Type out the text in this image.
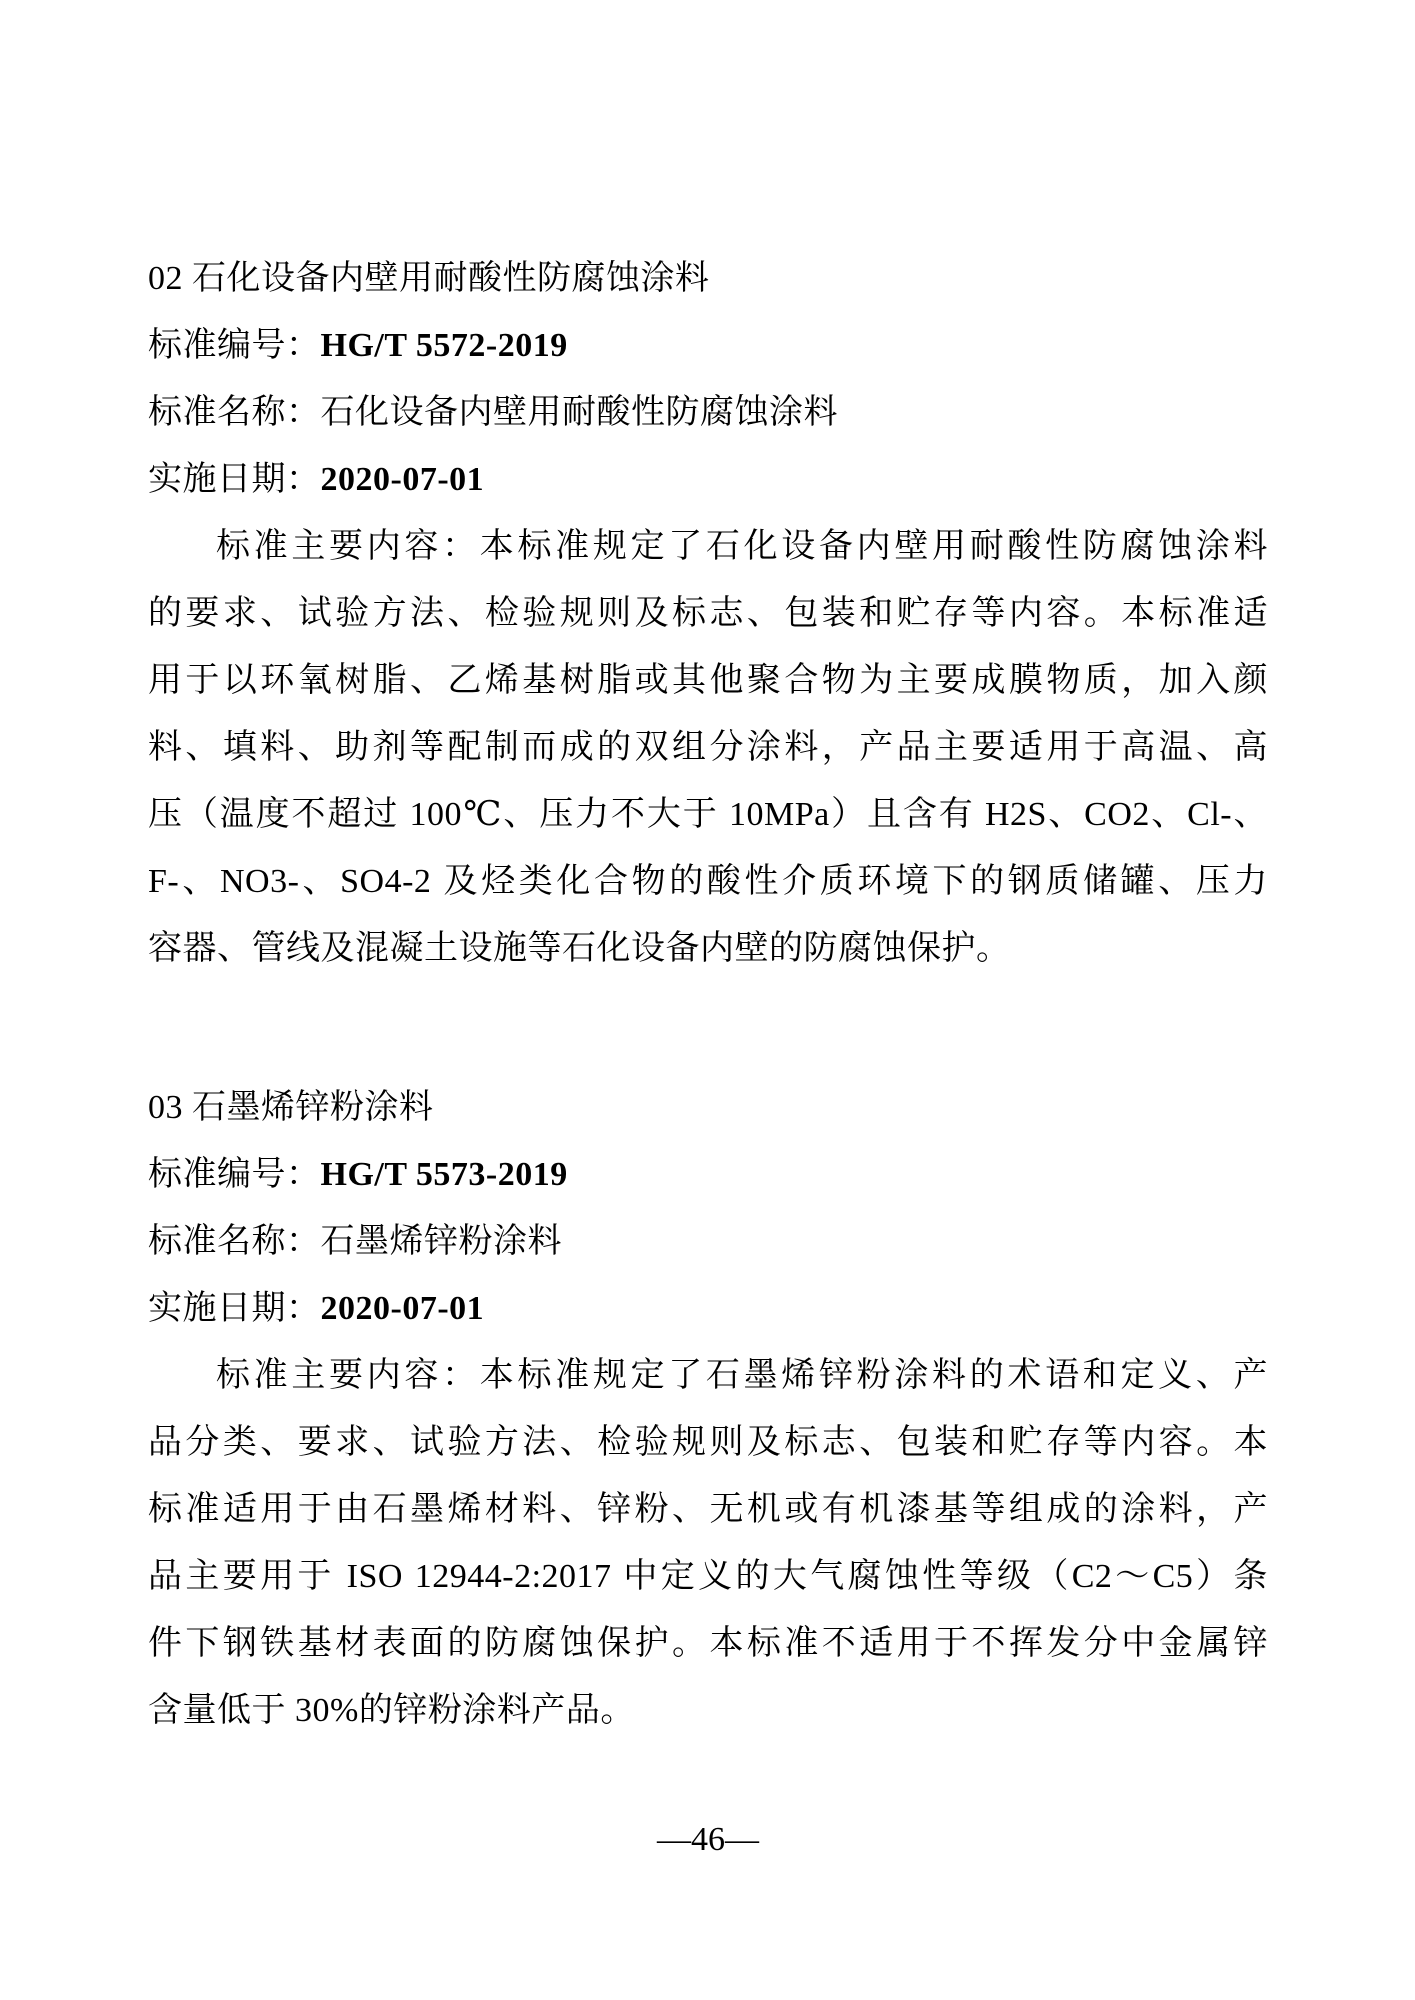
02 石化设备内壁用耐酸性防腐蚀涂料
标准编号：HG/T 5572-2019
标准名称：石化设备内壁用耐酸性防腐蚀涂料
实施日期：2020-07-01
标准主要内容：本标准规定了石化设备内壁用耐酸性防腐蚀涂料
的要求、试验方法、检验规则及标志、包装和贮存等内容。本标准适
用于以环氧树脂、乙烯基树脂或其他聚合物为主要成膜物质，加入颜
料、填料、助剂等配制而成的双组分涂料，产品主要适用于高温、高
压（温度不超过 100℃、压力不大于 10MPa）且含有 H2S、CO2、Cl-、
F-、NO3-、SO4-2 及烃类化合物的酸性介质环境下的钢质储罐、压力
容器、管线及混凝土设施等石化设备内壁的防腐蚀保护。
03 石墨烯锌粉涂料
标准编号：HG/T 5573-2019
标准名称：石墨烯锌粉涂料
实施日期：2020-07-01
标准主要内容：本标准规定了石墨烯锌粉涂料的术语和定义、产
品分类、要求、试验方法、检验规则及标志、包装和贮存等内容。本
标准适用于由石墨烯材料、锌粉、无机或有机漆基等组成的涂料，产
品主要用于 ISO 12944-2:2017 中定义的大气腐蚀性等级（C2～C5）条
件下钢铁基材表面的防腐蚀保护。本标准不适用于不挥发分中金属锌
含量低于 30%的锌粉涂料产品。
—46—
